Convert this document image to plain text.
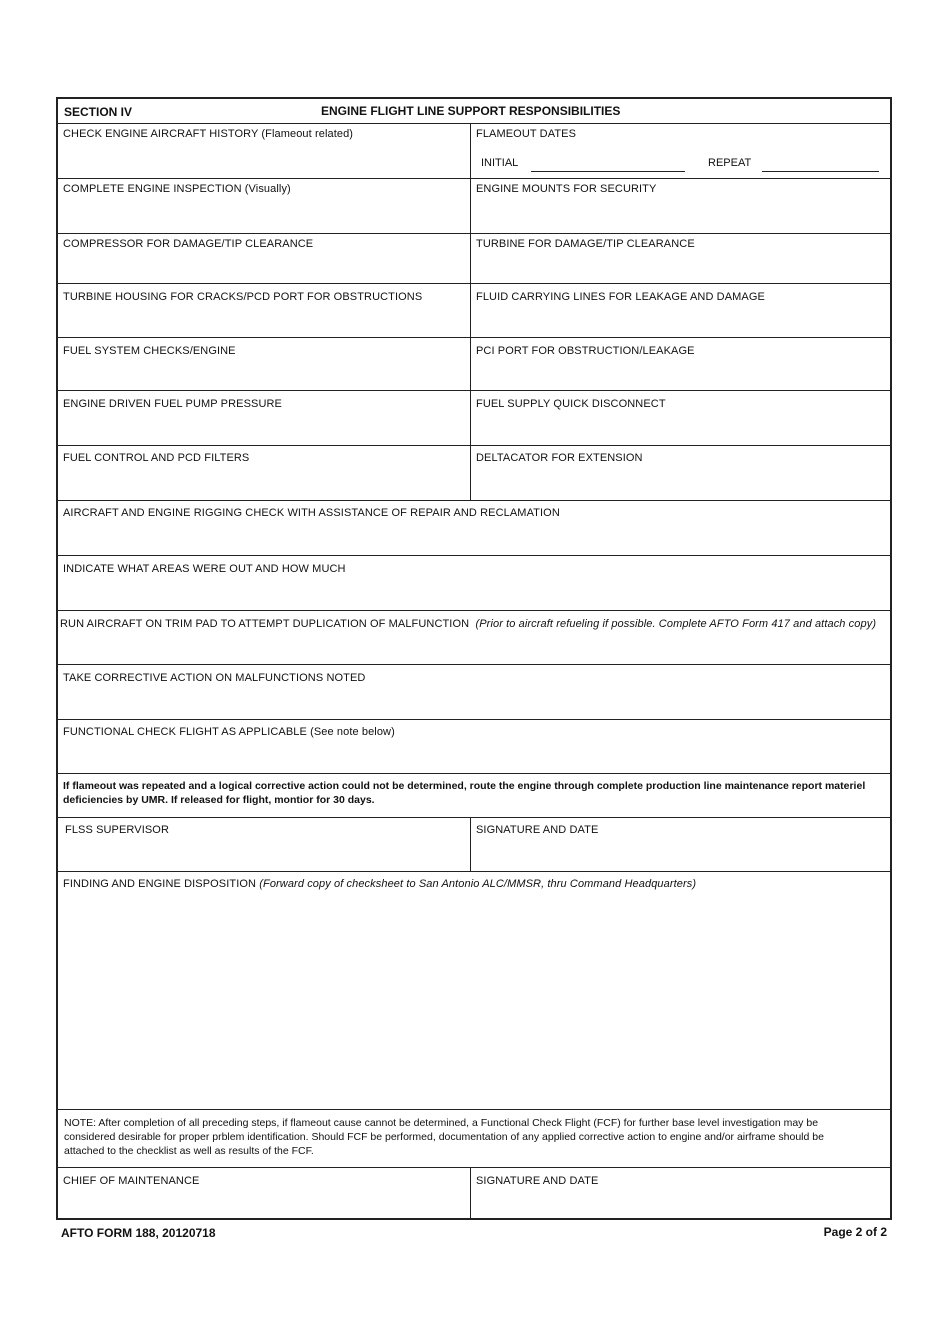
SECTION IV	ENGINE FLIGHT LINE SUPPORT RESPONSIBILITIES
CHECK ENGINE AIRCRAFT HISTORY (Flameout related)	FLAMEOUT DATES
INITIAL	REPEAT
COMPLETE ENGINE INSPECTION (Visually)	ENGINE MOUNTS FOR SECURITY
COMPRESSOR FOR DAMAGE/TIP CLEARANCE	TURBINE FOR DAMAGE/TIP CLEARANCE
TURBINE HOUSING FOR CRACKS/PCD PORT FOR OBSTRUCTIONS	FLUID CARRYING LINES FOR LEAKAGE AND DAMAGE
FUEL SYSTEM CHECKS/ENGINE	PCI PORT FOR OBSTRUCTION/LEAKAGE
ENGINE DRIVEN FUEL PUMP PRESSURE	FUEL SUPPLY QUICK DISCONNECT
FUEL CONTROL AND PCD FILTERS	DELTACATOR FOR EXTENSION
AIRCRAFT AND ENGINE RIGGING CHECK WITH ASSISTANCE OF REPAIR AND RECLAMATION
INDICATE WHAT AREAS WERE OUT AND HOW MUCH
RUN AIRCRAFT ON TRIM PAD TO ATTEMPT DUPLICATION OF MALFUNCTION (Prior to aircraft refueling if possible. Complete AFTO Form 417 and attach copy)
TAKE CORRECTIVE ACTION ON MALFUNCTIONS NOTED
FUNCTIONAL CHECK FLIGHT AS APPLICABLE (See note below)
If flameout was repeated and a logical corrective action could not be determined, route the engine through complete production line maintenance report materiel deficiencies by UMR. If released for flight, montior for 30 days.
FLSS SUPERVISOR	SIGNATURE AND DATE
FINDING AND ENGINE DISPOSITION (Forward copy of checksheet to San Antonio ALC/MMSR, thru Command Headquarters)
NOTE: After completion of all preceding steps, if flameout cause cannot be determined, a Functional Check Flight (FCF) for further base level investigation may be considered desirable for proper prblem identification. Should FCF be performed, documentation of any applied corrective action to engine and/or airframe should be attached to the checklist as well as results of the FCF.
CHIEF OF MAINTENANCE	SIGNATURE AND DATE
AFTO FORM 188, 20120718	Page 2 of 2
